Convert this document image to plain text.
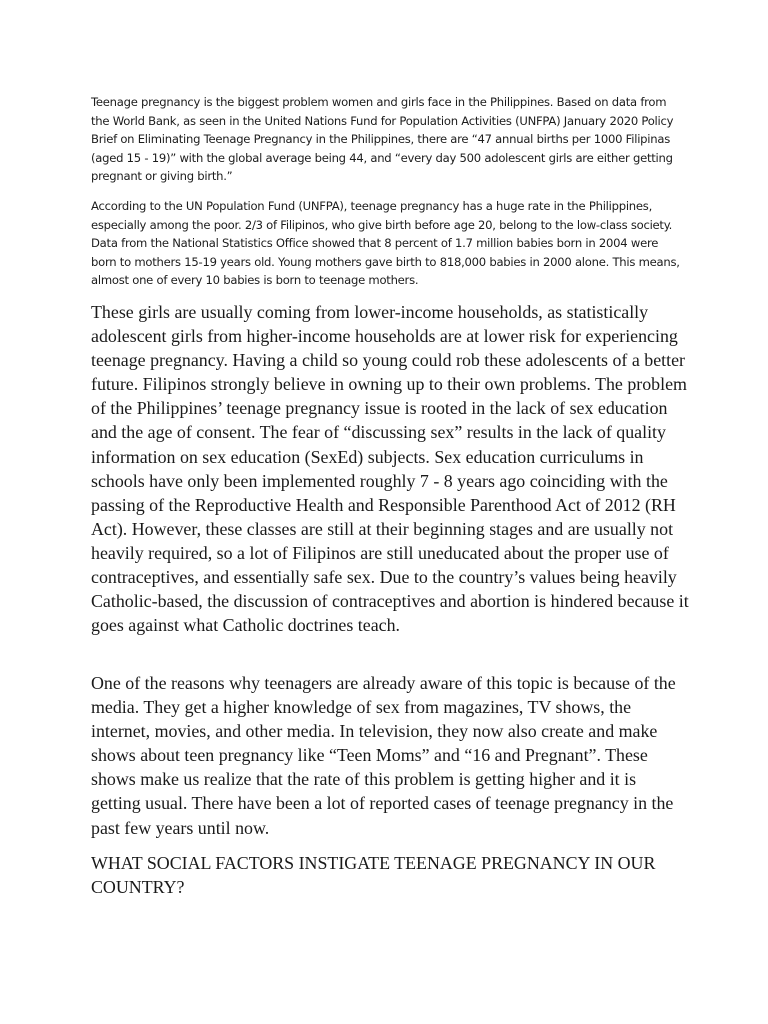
Teenage pregnancy is the biggest problem women and girls face in the Philippines. Based on data from the World Bank, as seen in the United Nations Fund for Population Activities (UNFPA) January 2020 Policy Brief on Eliminating Teenage Pregnancy in the Philippines, there are “47 annual births per 1000 Filipinas (aged 15 - 19)” with the global average being 44, and “every day 500 adolescent girls are either getting pregnant or giving birth.”

According to the UN Population Fund (UNFPA), teenage pregnancy has a huge rate in the Philippines, especially among the poor. 2/3 of Filipinos, who give birth before age 20, belong to the low-class society. Data from the National Statistics Office showed that 8 percent of 1.7 million babies born in 2004 were born to mothers 15-19 years old. Young mothers gave birth to 818,000 babies in 2000 alone. This means, almost one of every 10 babies is born to teenage mothers.

These girls are usually coming from lower-income households, as statistically adolescent girls from higher-income households are at lower risk for experiencing teenage pregnancy. Having a child so young could rob these adolescents of a better future. Filipinos strongly believe in owning up to their own problems. The problem of the Philippines’ teenage pregnancy issue is rooted in the lack of sex education and the age of consent. The fear of “discussing sex” results in the lack of quality information on sex education (SexEd) subjects. Sex education curriculums in schools have only been implemented roughly 7 - 8 years ago coinciding with the passing of the Reproductive Health and Responsible Parenthood Act of 2012 (RH Act). However, these classes are still at their beginning stages and are usually not heavily required, so a lot of Filipinos are still uneducated about the proper use of contraceptives, and essentially safe sex. Due to the country’s values being heavily Catholic-based, the discussion of contraceptives and abortion is hindered because it goes against what Catholic doctrines teach.

One of the reasons why teenagers are already aware of this topic is because of the media. They get a higher knowledge of sex from magazines, TV shows, the internet, movies, and other media. In television, they now also create and make shows about teen pregnancy like “Teen Moms” and “16 and Pregnant”. These shows make us realize that the rate of this problem is getting higher and it is getting usual. There have been a lot of reported cases of teenage pregnancy in the past few years until now.

WHAT SOCIAL FACTORS INSTIGATE TEENAGE PREGNANCY IN OUR COUNTRY?
